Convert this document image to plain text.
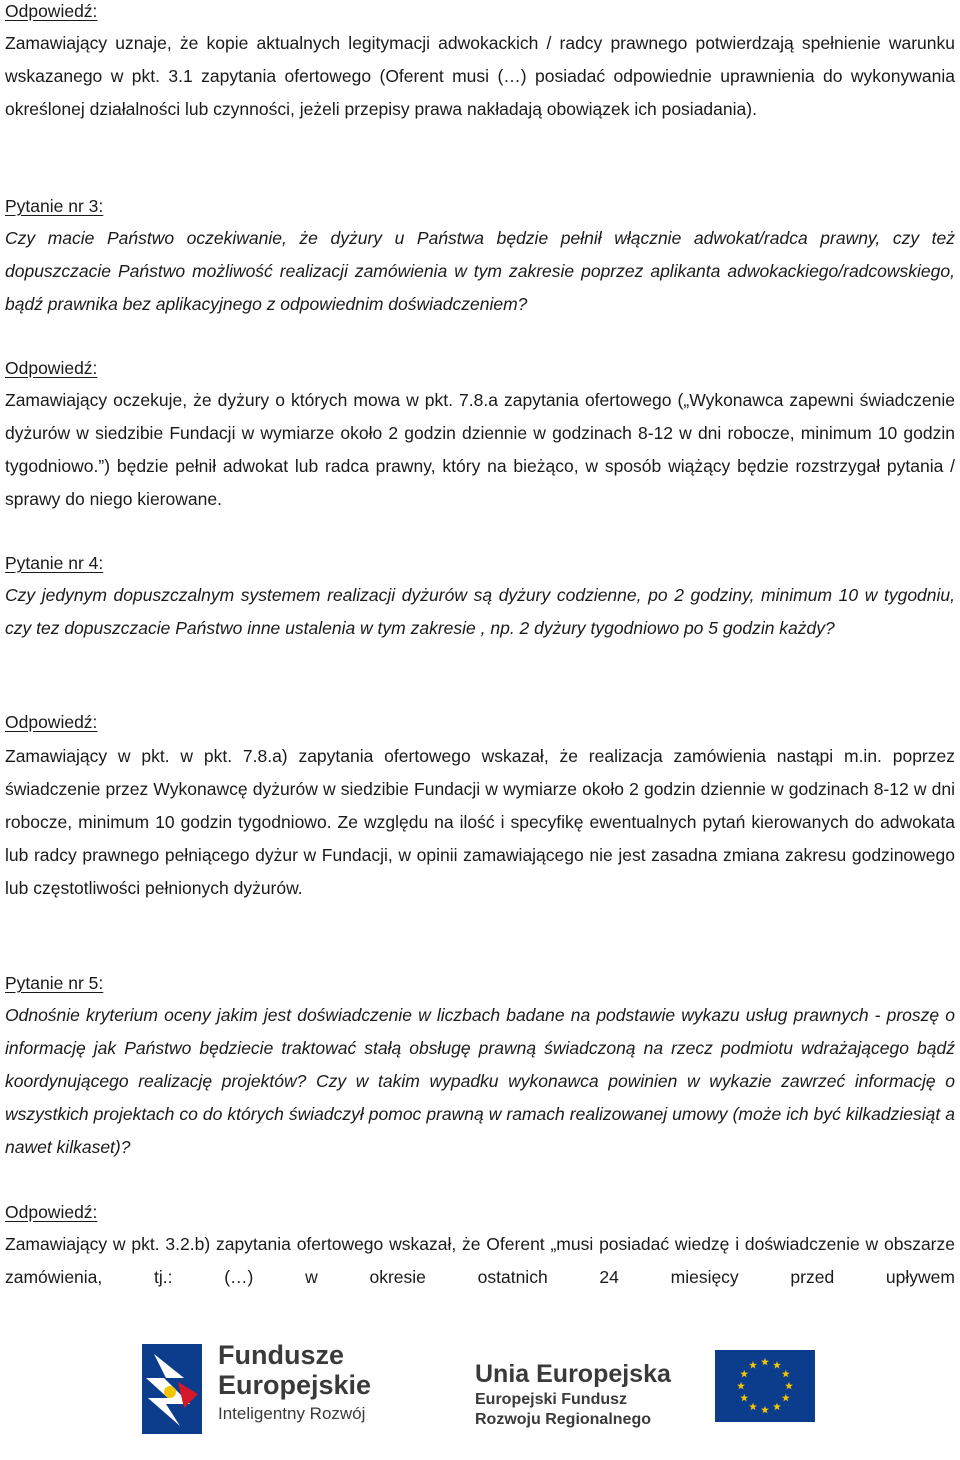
Odpowiedź:

Zamawiający uznaje, że kopie aktualnych legitymacji adwokackich / radcy prawnego potwierdzają spełnienie warunku wskazanego w pkt. 3.1 zapytania ofertowego (Oferent musi (…) posiadać odpowiednie uprawnienia do wykonywania określonej działalności lub czynności, jeżeli przepisy prawa nakładają obowiązek ich posiadania).

Pytanie nr 3:

Czy macie Państwo oczekiwanie, że dyżury u Państwa będzie pełnił włącznie adwokat/radca prawny, czy też dopuszczacie Państwo możliwość realizacji zamówienia w tym zakresie poprzez aplikanta adwokackiego/radcowskiego, bądź prawnika bez aplikacyjnego z odpowiednim doświadczeniem?

Odpowiedź:

Zamawiający oczekuje, że dyżury o których mowa w pkt. 7.8.a zapytania ofertowego („Wykonawca zapewni świadczenie dyżurów w siedzibie Fundacji w wymiarze około 2 godzin dziennie w godzinach 8-12 w dni robocze, minimum 10 godzin tygodniowo.”) będzie pełnił adwokat lub radca prawny, który na bieżąco, w sposób wiążący będzie rozstrzygał pytania / sprawy do niego kierowane.

Pytanie nr 4:

Czy jedynym dopuszczalnym systemem realizacji dyżurów są dyżury codzienne, po 2 godziny, minimum 10 w tygodniu, czy tez dopuszczacie Państwo inne ustalenia w tym zakresie , np. 2 dyżury tygodniowo po 5 godzin każdy?

Odpowiedź:

Zamawiający w pkt. w pkt. 7.8.a) zapytania ofertowego wskazał, że realizacja zamówienia nastąpi m.in. poprzez świadczenie przez Wykonawcę dyżurów w siedzibie Fundacji w wymiarze około 2 godzin dziennie w godzinach 8-12 w dni robocze, minimum 10 godzin tygodniowo. Ze względu na ilość i specyfikę ewentualnych pytań kierowanych do adwokata lub radcy prawnego pełniącego dyżur w Fundacji, w opinii zamawiającego nie jest zasadna zmiana zakresu godzinowego lub częstotliwości pełnionych dyżurów.

Pytanie nr 5:

Odnośnie kryterium oceny jakim jest doświadczenie w liczbach badane na podstawie wykazu usług prawnych - proszę o informację jak Państwo będziecie traktować stałą obsługę prawną świadczoną na rzecz podmiotu wdrażającego bądź koordynującego realizację projektów? Czy w takim wypadku wykonawca powinien w wykazie zawrzeć informację o wszystkich projektach co do których świadczył pomoc prawną w ramach realizowanej umowy (może ich być kilkadziesiąt a nawet kilkaset)?

Odpowiedź:

Zamawiający w pkt. 3.2.b) zapytania ofertowego wskazał, że Oferent „musi posiadać wiedzę i doświadczenie w obszarze zamówienia, tj.: (…) w okresie ostatnich 24 miesięcy przed upływem

Fundusze
Europejskie
Inteligentny Rozwój
Unia Europejska
Europejski Fundusz
Rozwoju Regionalnego
